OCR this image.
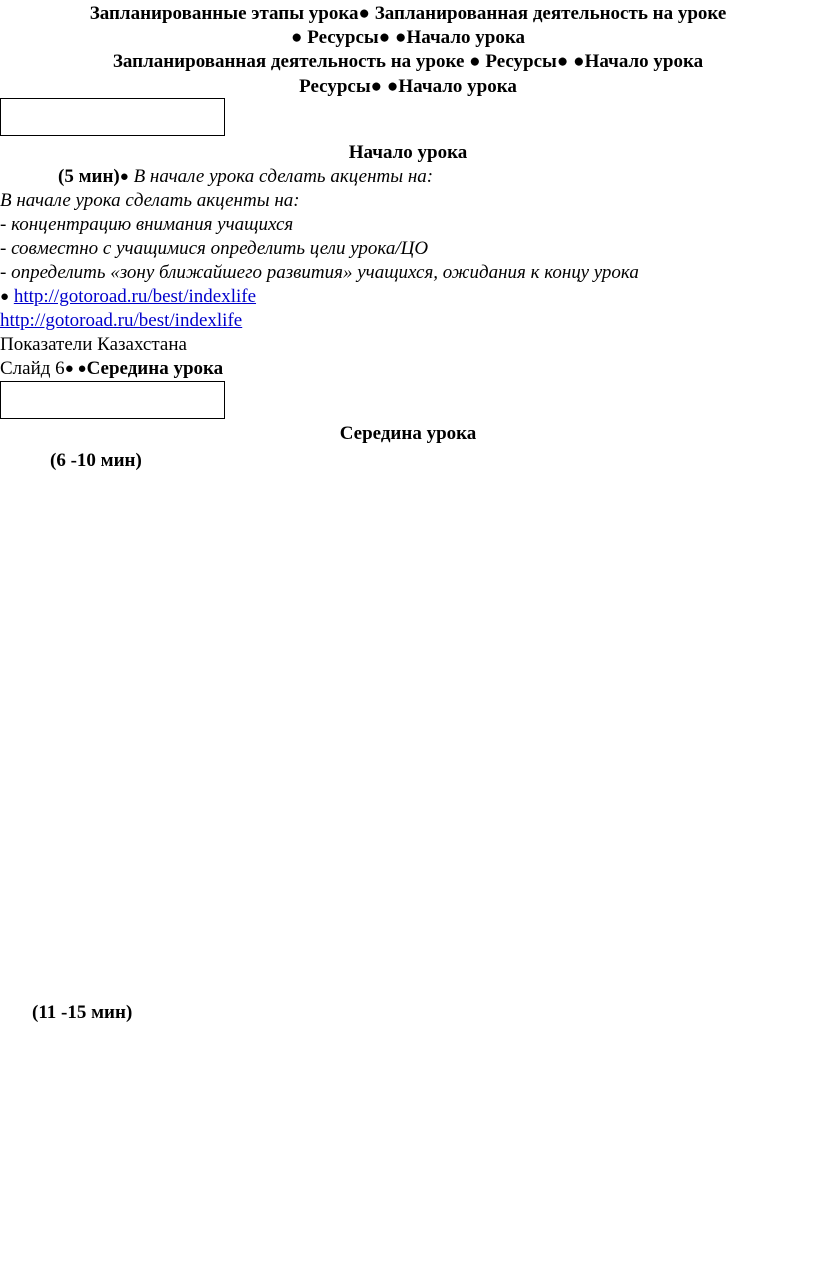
Запланированные этапы урока● Запланированная деятельность на уроке
● Ресурсы● ●Начало урока
Запланированная деятельность на уроке ● Ресурсы● ●Начало урока
Ресурсы● ●Начало урока
Начало урока
(5 мин)● В начале урока сделать акценты на:
В начале урока сделать акценты на:
- концентрацию внимания учащихся
- совместно с учащимися определить цели урока/ЦО
- определить «зону ближайшего развития» учащихся, ожидания к концу урока
● http://gotoroad.ru/best/indexlife
http://gotoroad.ru/best/indexlife
Показатели Казахстана
Слайд 6● ●Середина урока
Середина урока
(6 -10 мин)
(11 -15 мин)
